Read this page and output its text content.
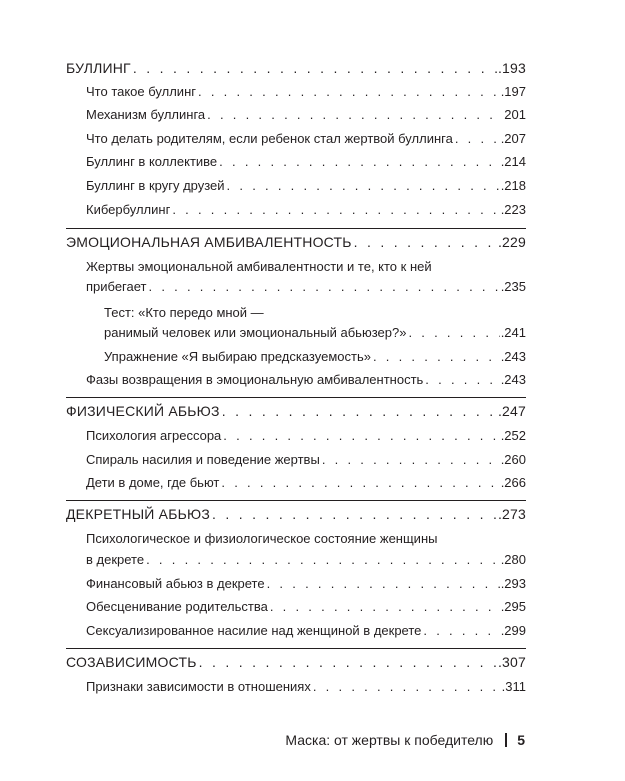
БУЛЛИНГ . . .	.193
Что такое буллинг . . .	.197
Механизм буллинга . . .	201
Что делать родителям, если ребенок стал жертвой буллинга . . .	.207
Буллинг в коллективе . . .	.214
Буллинг в кругу друзей . . .	.218
Кибербуллинг . . .	.223
ЭМОЦИОНАЛЬНАЯ АМБИВАЛЕНТНОСТЬ . . .	.229
Жертвы эмоциональной амбивалентности и те, кто к ней
прибегает . . .	.235
Тест: «Кто передо мной —
ранимый человек или эмоциональный абьюзер?» . . .	.241
Упражнение «Я выбираю предсказуемость» . . .	.243
Фазы возвращения в эмоциональную амбивалентность . . .	.243
ФИЗИЧЕСКИЙ АБЬЮЗ . . .	.247
Психология агрессора . . .	.252
Спираль насилия и поведение жертвы . . .	.260
Дети в доме, где бьют . . .	.266
ДЕКРЕТНЫЙ АБЬЮЗ . . .	.273
Психологическое и физиологическое состояние женщины
в декрете . . .	.280
Финансовый абьюз в декрете . . .	.293
Обесценивание родительства . . .	.295
Сексуализированное насилие над женщиной в декрете . . .	.299
СОЗАВИСИМОСТЬ . . .	.307
Признаки зависимости в отношениях . . .	.311
Маска: от жертвы к победителю 5
